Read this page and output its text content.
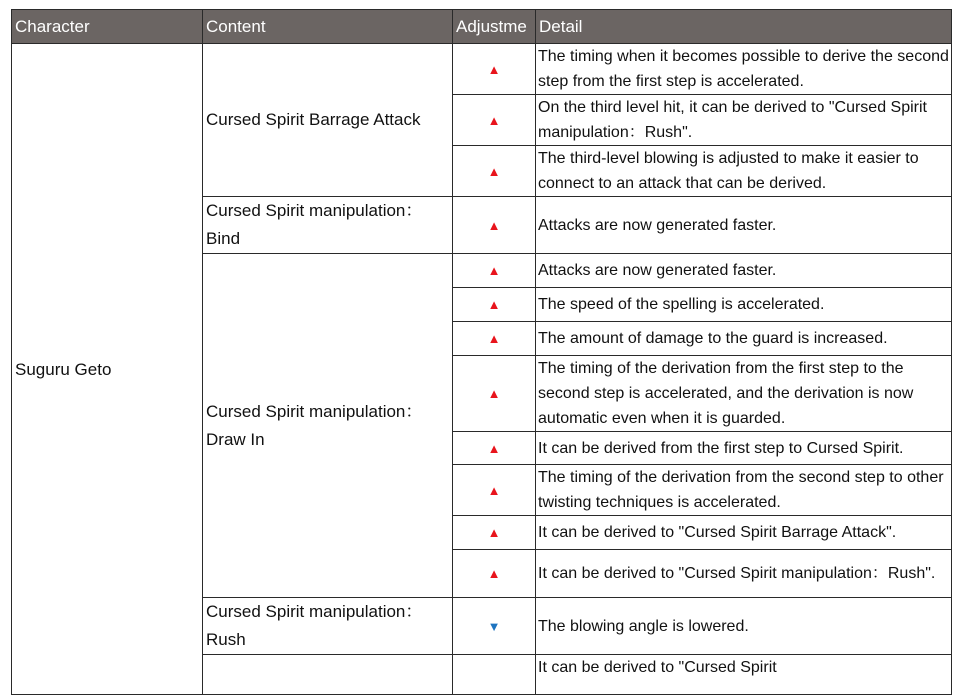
Character	Content	Adjustme	Detail
Suguru Geto	Cursed Spirit Barrage Attack	▲	The timing when it becomes possible to derive the second step from the first step is accelerated.
		▲	On the third level hit, it can be derived to "Cursed Spirit manipulation：Rush".
		▲	The third-level blowing is adjusted to make it easier to connect to an attack that can be derived.
	Cursed Spirit manipulation：Bind	▲	Attacks are now generated faster.
	Cursed Spirit manipulation：Draw In	▲	Attacks are now generated faster.
		▲	The speed of the spelling is accelerated.
		▲	The amount of damage to the guard is increased.
		▲	The timing of the derivation from the first step to the second step is accelerated, and the derivation is now automatic even when it is guarded.
		▲	It can be derived from the first step to Cursed Spirit.
		▲	The timing of the derivation from the second step to other twisting techniques is accelerated.
		▲	It can be derived to "Cursed Spirit Barrage Attack".
		▲	It can be derived to "Cursed Spirit manipulation：Rush".
	Cursed Spirit manipulation：Rush	▼	The blowing angle is lowered.
			It can be derived to "Cursed Spirit
